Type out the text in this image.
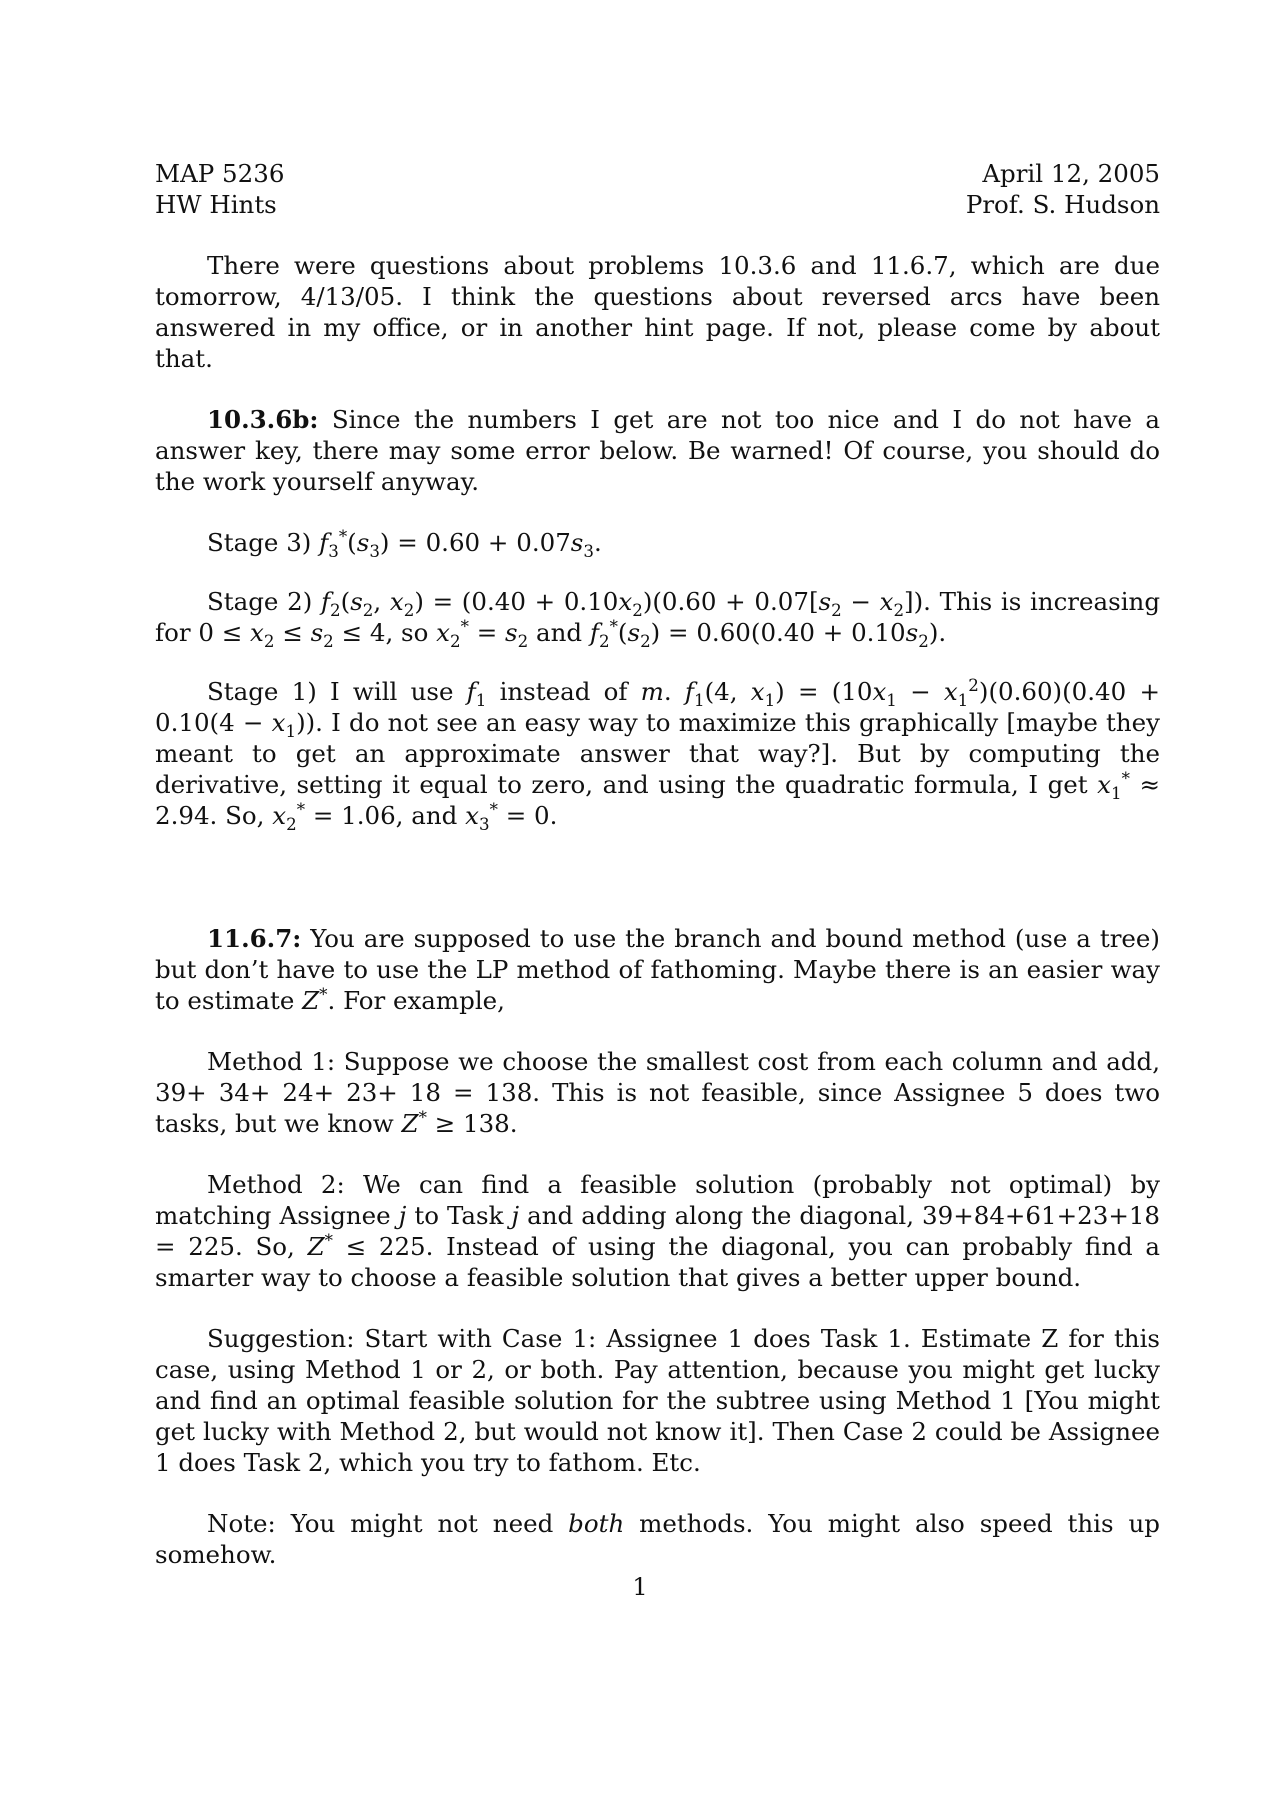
MAP 5236
HW Hints
April 12, 2005
Prof. S. Hudson

There were questions about problems 10.3.6 and 11.6.7, which are due tomorrow, 4/13/05. I think the questions about reversed arcs have been answered in my office, or in another hint page. If not, please come by about that.

10.3.6b: Since the numbers I get are not too nice and I do not have a answer key, there may some error below. Be warned! Of course, you should do the work yourself anyway.

Stage 3) $f_3^*(s_3) = 0.60 + 0.07s_3$.

Stage 2) $f_2(s_2$, $x_2) = (0.40 + 0.10x_2)(0.60 + 0.07[s_2 - x_2])$. This is increasing for $0 \le x_2 \le s_2 \le 4$, so $x_2^* = s_2$ and $f_2^*(s_2) = 0.60(0.40 + 0.10s_2)$.

Stage 1) I will use $f_1$ instead of m. $f_1(4$, $x_1) = (10x_1 - x_1^2)(0.60)(0.40 + 0.10(4 - x_1))$. I do not see an easy way to maximize this graphically [maybe they meant to get an approximate answer that way?]. But by computing the derivative, setting it equal to zero, and using the quadratic formula, I get $x_1^* \approx 2.94$. So, $x_2^* = 1.06$, and $x_3^* = 0$.

11.6.7: You are supposed to use the branch and bound method (use a tree) but don’t have to use the LP method of fathoming. Maybe there is an easier way to estimate Z*. For example,

Method 1: Suppose we choose the smallest cost from each column and add, 39+ 34+ 24+ 23+ 18 = 138. This is not feasible, since Assignee 5 does two tasks, but we know Z* ≥ 138.

Method 2: We can find a feasible solution (probably not optimal) by matching Assignee j to Task j and adding along the diagonal, 39+84+61+23+18 = 225. So, Z* ≤ 225. Instead of using the diagonal, you can probably find a smarter way to choose a feasible solution that gives a better upper bound.

Suggestion: Start with Case 1: Assignee 1 does Task 1. Estimate Z for this case, using Method 1 or 2, or both. Pay attention, because you might get lucky and find an optimal feasible solution for the subtree using Method 1 [You might get lucky with Method 2, but would not know it]. Then Case 2 could be Assignee 1 does Task 2, which you try to fathom. Etc.

Note: You might not need both methods. You might also speed this up somehow.

1
